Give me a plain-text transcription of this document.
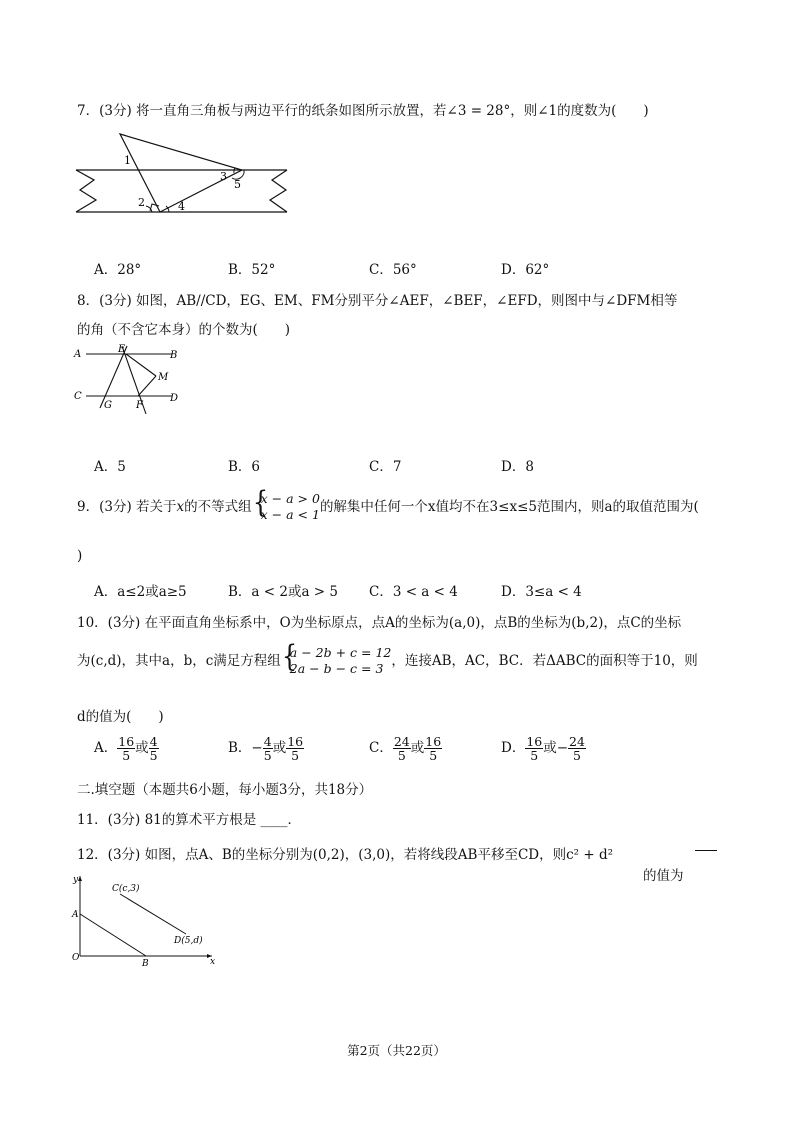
7．(3分) 将一直角三角板与两边平行的纸条如图所示放置，若∠3 = 28°，则∠1的度数为(　　)
1
3
5
2	4
A．28°	B．52°	C．56°	D．62°
8．(3分) 如图，AB//CD，EG、EM、FM分别平分∠AEF，∠BEF，∠EFD，则图中与∠DFM相等
的角（不含它本身）的个数为(　　)
A	E
B
M
C
G F
D
A．5	B．6	C．7	D．8
9．(3分) 若关于x的不等式组 {
x − a > 0
x − a < 1 的解集中任何一个x值均不在3≤x≤5范围内，则a的取值范围为(
)
A．a≤2或a≥5	B．a < 2或a > 5 C．3 < a < 4	D．3≤a < 4
10．(3分) 在平面直角坐标系中，O为坐标原点，点A的坐标为(a,0)，点B的坐标为(b,2)，点C的坐标
为(c,d)，其中a，b，c满足方程组 {
a − 2b + c = 12
2a − b − c = 3 ，连接AB，AC，BC．若ΔABC的面积等于10，则
d的值为(　　)
A． $\frac{16}{5}$ 或 $\frac{4}{5}$	B．− $\frac{4}{5}$ 或 $\frac{16}{5}$	C． $\frac{24}{5}$ 或 $\frac{16}{5}$	D． $\frac{16}{5}$ 或− $\frac{24}{5}$
二.填空题（本题共6小题，每小题3分，共18分）
11．(3分) 81的算术平方根是 ____．
12．(3分) 如图，点A、B的坐标分别为(0,2)，(3,0)，若将线段AB平移至CD，则c² + d²
的值为
y
C(c,3)
A
D(5,d)
O
B	x
第2页（共22页）
